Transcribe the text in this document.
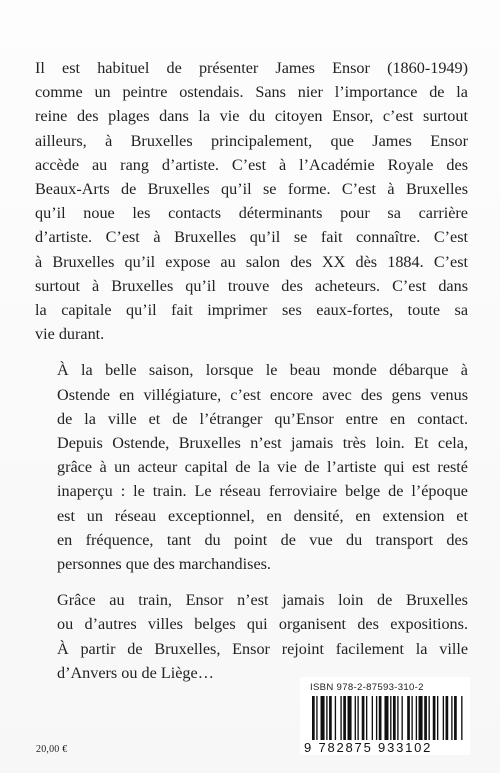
Il est habituel de présenter James Ensor (1860-1949)
comme un peintre ostendais. Sans nier l’importance de la
reine des plages dans la vie du citoyen Ensor, c’est surtout
ailleurs, à Bruxelles principalement, que James Ensor
accède au rang d’artiste. C’est à l’Académie Royale des
Beaux-Arts de Bruxelles qu’il se forme. C’est à Bruxelles
qu’il noue les contacts déterminants pour sa carrière
d’artiste. C’est à Bruxelles qu’il se fait connaître. C’est
à Bruxelles qu’il expose au salon des XX dès 1884. C’est
surtout à Bruxelles qu’il trouve des acheteurs. C’est dans
la capitale qu’il fait imprimer ses eaux-fortes, toute sa
vie durant.

À la belle saison, lorsque le beau monde débarque à
Ostende en villégiature, c’est encore avec des gens venus
de la ville et de l’étranger qu’Ensor entre en contact.
Depuis Ostende, Bruxelles n’est jamais très loin. Et cela,
grâce à un acteur capital de la vie de l’artiste qui est resté
inaperçu : le train. Le réseau ferroviaire belge de l’époque
est un réseau exceptionnel, en densité, en extension et
en fréquence, tant du point de vue du transport des
personnes que des marchandises.

Grâce au train, Ensor n’est jamais loin de Bruxelles
ou d’autres villes belges qui organisent des expositions.
À partir de Bruxelles, Ensor rejoint facilement la ville
d’Anvers ou de Liège…

20,00 €
ISBN 978-2-87593-310-2
9 782875 933102
